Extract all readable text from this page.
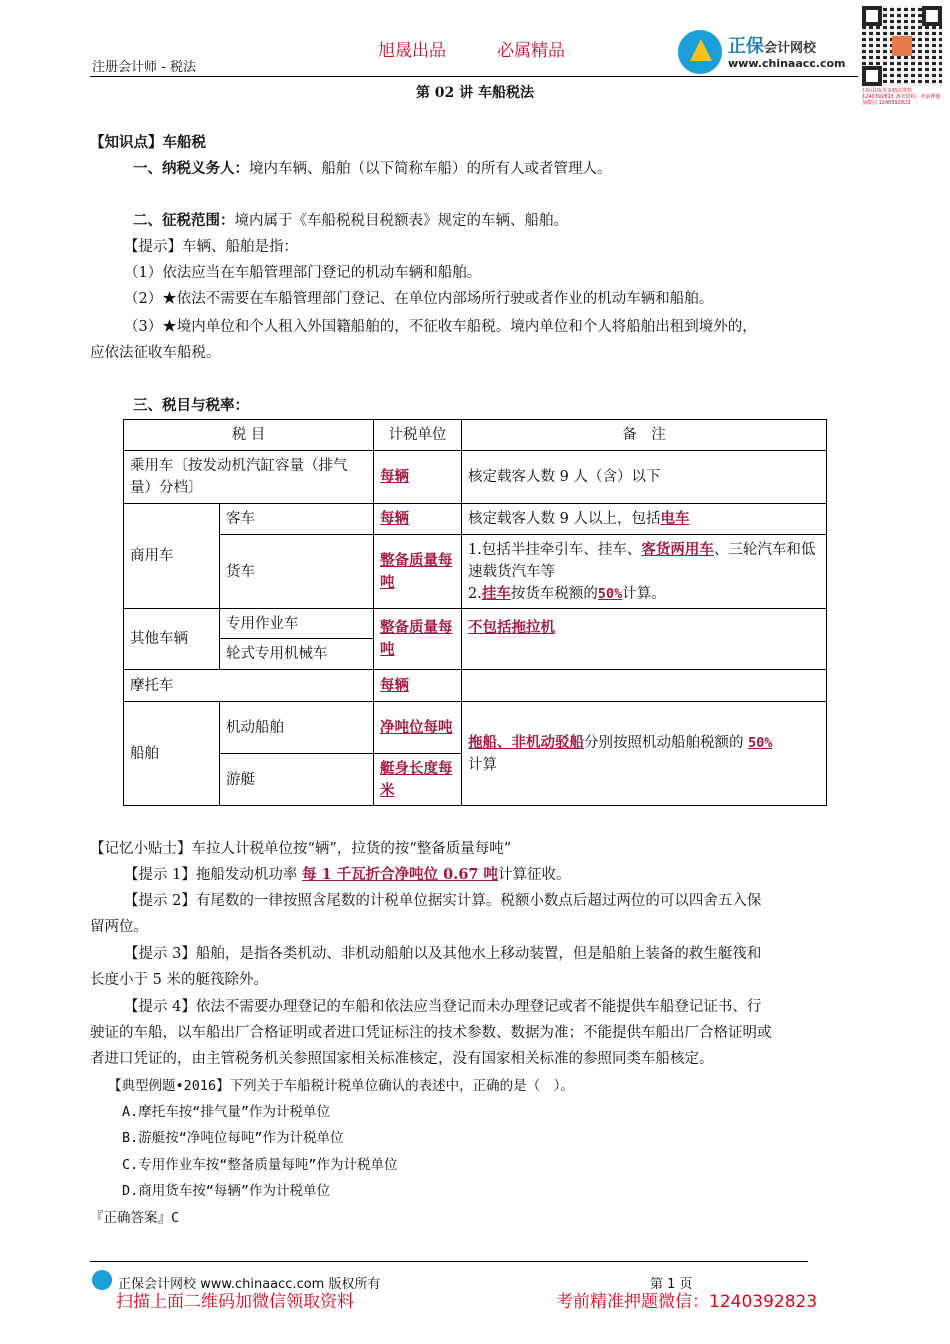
注册会计师 - 税法
旭晟出品	必属精品	正保会计网校
www.chinaacc.com
扫码获取更多精品资料 1240392823 备考资料、考前押题加微信 1240392823
第 02 讲 车船税法
【知识点】车船税
一、纳税义务人：境内车辆、船舶（以下简称车船）的所有人或者管理人。
二、征税范围：境内属于《车船税税目税额表》规定的车辆、船舶。
【提示】车辆、船舶是指：
（1）依法应当在车船管理部门登记的机动车辆和船舶。
（2）★依法不需要在车船管理部门登记、在单位内部场所行驶或者作业的机动车辆和船舶。
（3）★境内单位和个人租入外国籍船舶的，不征收车船税。境内单位和个人将船舶出租到境外的，
应依法征收车船税。
三、税目与税率：
税 目		计税单位	备　注
乘用车〔按发动机汽缸容量（排气量）分档〕		每辆	核定载客人数 9 人（含）以下
商用车	客车	每辆	核定载客人数 9 人以上，包括电车
	货车	整备质量每吨	1.包括半挂牵引车、挂车、客货两用车、三轮汽车和低速载货汽车等
2.挂车按货车税额的50%计算。
其他车辆	专用作业车	整备质量每吨	不包括拖拉机
	轮式专用机械车		
摩托车		每辆	
船舶	机动船舶	净吨位每吨	拖船、非机动驳船分别按照机动船舶税额的 50%
计算
	游艇	艇身长度每米	
【记忆小贴士】车拉人计税单位按“辆”，拉货的按“整备质量每吨”
【提示 1】拖船发动机功率 每 1 千瓦折合净吨位 0.67 吨计算征收。
【提示 2】有尾数的一律按照含尾数的计税单位据实计算。税额小数点后超过两位的可以四舍五入保
留两位。
【提示 3】船舶，是指各类机动、非机动船舶以及其他水上移动装置，但是船舶上装备的救生艇筏和
长度小于 5 米的艇筏除外。
【提示 4】依法不需要办理登记的车船和依法应当登记而未办理登记或者不能提供车船登记证书、行
驶证的车船，以车船出厂合格证明或者进口凭证标注的技术参数、数据为准；不能提供车船出厂合格证明或
者进口凭证的，由主管税务机关参照国家相关标准核定，没有国家相关标准的参照同类车船核定。
【典型例题•2016】下列关于车船税计税单位确认的表述中，正确的是（　）。
A.摩托车按“排气量”作为计税单位
B.游艇按“净吨位每吨”作为计税单位
C.专用作业车按“整备质量每吨”作为计税单位
D.商用货车按“每辆”作为计税单位
『正确答案』C
正保会计网校 www.chinaacc.com 版权所有	第 1 页
扫描上面二维码加微信领取资料	考前精准押题微信：1240392823
